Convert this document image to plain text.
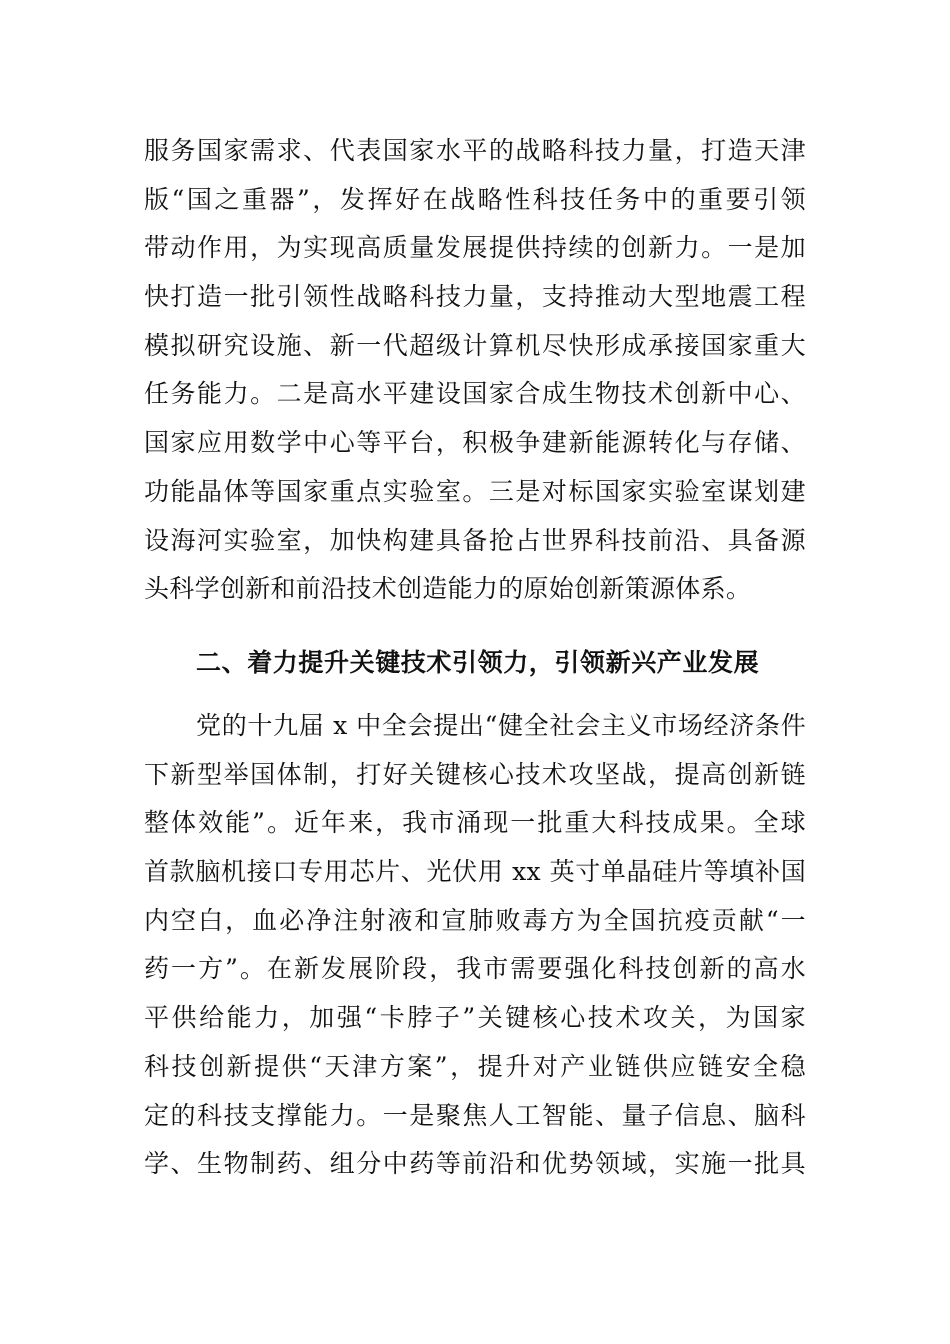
服务国家需求、代表国家水平的战略科技力量，打造天津
版“国之重器”，发挥好在战略性科技任务中的重要引领
带动作用，为实现高质量发展提供持续的创新力。一是加
快打造一批引领性战略科技力量，支持推动大型地震工程
模拟研究设施、新一代超级计算机尽快形成承接国家重大
任务能力。二是高水平建设国家合成生物技术创新中心、
国家应用数学中心等平台，积极争建新能源转化与存储、
功能晶体等国家重点实验室。三是对标国家实验室谋划建
设海河实验室，加快构建具备抢占世界科技前沿、具备源
头科学创新和前沿技术创造能力的原始创新策源体系。
二、着力提升关键技术引领力，引领新兴产业发展
党的十九届 x 中全会提出“健全社会主义市场经济条件
下新型举国体制，打好关键核心技术攻坚战，提高创新链
整体效能”。近年来，我市涌现一批重大科技成果。全球
首款脑机接口专用芯片、光伏用 xx 英寸单晶硅片等填补国
内空白，血必净注射液和宣肺败毒方为全国抗疫贡献“一
药一方”。在新发展阶段，我市需要强化科技创新的高水
平供给能力，加强“卡脖子”关键核心技术攻关，为国家
科技创新提供“天津方案”，提升对产业链供应链安全稳
定的科技支撑能力。一是聚焦人工智能、量子信息、脑科
学、生物制药、组分中药等前沿和优势领域，实施一批具
